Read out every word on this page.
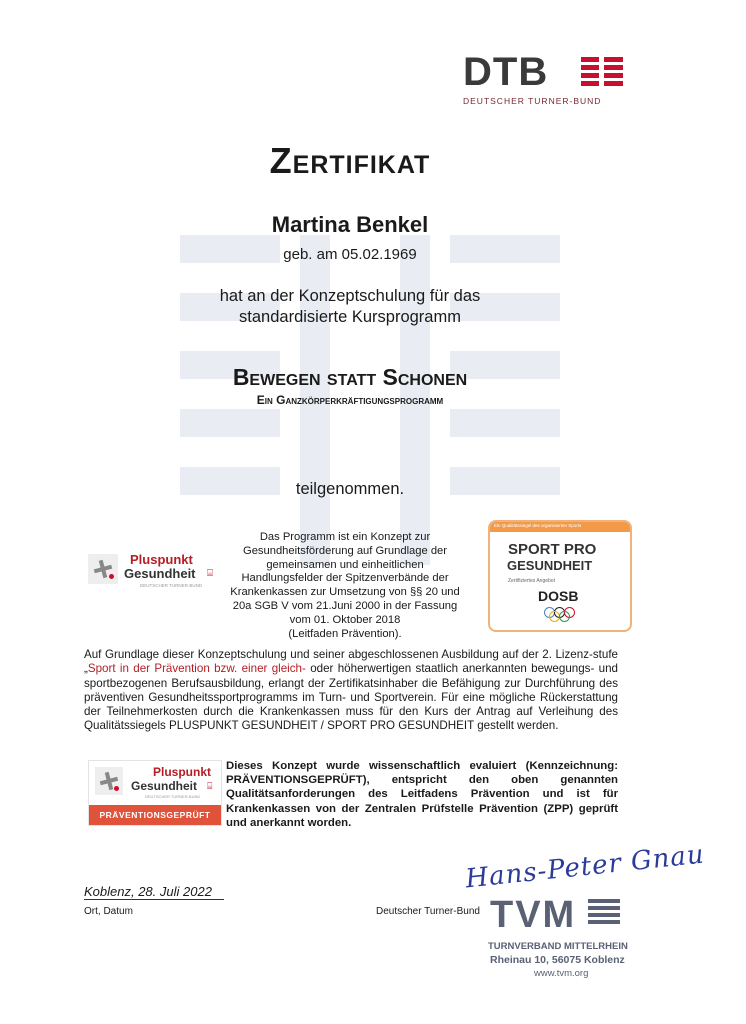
DTB
DEUTSCHER TURNER-BUND
Zertifikat
Martina Benkel
geb. am 05.02.1969
hat an der Konzeptschulung für das
standardisierte Kursprogramm
Bewegen statt Schonen
Ein Ganzkörperkräftigungsprogramm
teilgenommen.
Pluspunkt
Gesundheit ⌸
DEUTSCHER TURNER-BUND
Das Programm ist ein Konzept zur
Gesundheitsförderung auf Grundlage der
gemeinsamen und einheitlichen
Handlungsfelder der Spitzenverbände der
Krankenkassen zur Umsetzung von §§ 20 und
20a SGB V vom 21.Juni 2000 in der Fassung
vom 01. Oktober 2018
(Leitfaden Prävention).
Ein Qualitätssiegel des organisierten Sports
SPORT PRO
GESUNDHEIT
Zertifiziertes Angebot
DOSB
Auf Grundlage dieser Konzeptschulung und seiner abgeschlossenen Ausbildung auf der 2. Lizenz-stufe „Sport in der Prävention bzw. einer gleich- oder höherwertigen staatlich anerkannten bewegungs- und sportbezogenen Berufsausbildung, erlangt der Zertifikatsinhaber die Befähigung zur Durchführung des präventiven Gesundheitssportprogramms im Turn- und Sportverein. Für eine mögliche Rückerstattung der Teilnehmerkosten durch die Krankenkassen muss für den Kurs der Antrag auf Verleihung des Qualitätssiegels PLUSPUNKT GESUNDHEIT / SPORT PRO GESUNDHEIT gestellt werden.
Pluspunkt
Gesundheit ⌸
DEUTSCHER TURNER-BUND
PRÄVENTIONSGEPRÜFT
Dieses Konzept wurde wissenschaftlich evaluiert (Kennzeichnung: PRÄVENTIONSGEPRÜFT), entspricht den oben genannten Qualitätsanforderungen des Leitfadens Prävention und ist für Krankenkassen von der Zentralen Prüfstelle Prävention (ZPP) geprüft und anerkannt worden.
Koblenz, 28. Juli 2022
Ort, Datum
Hans-Peter Gnau
Deutscher Turner-Bund TVM
TURNVERBAND MITTELRHEIN
Rheinau 10, 56075 Koblenz
www.tvm.org
